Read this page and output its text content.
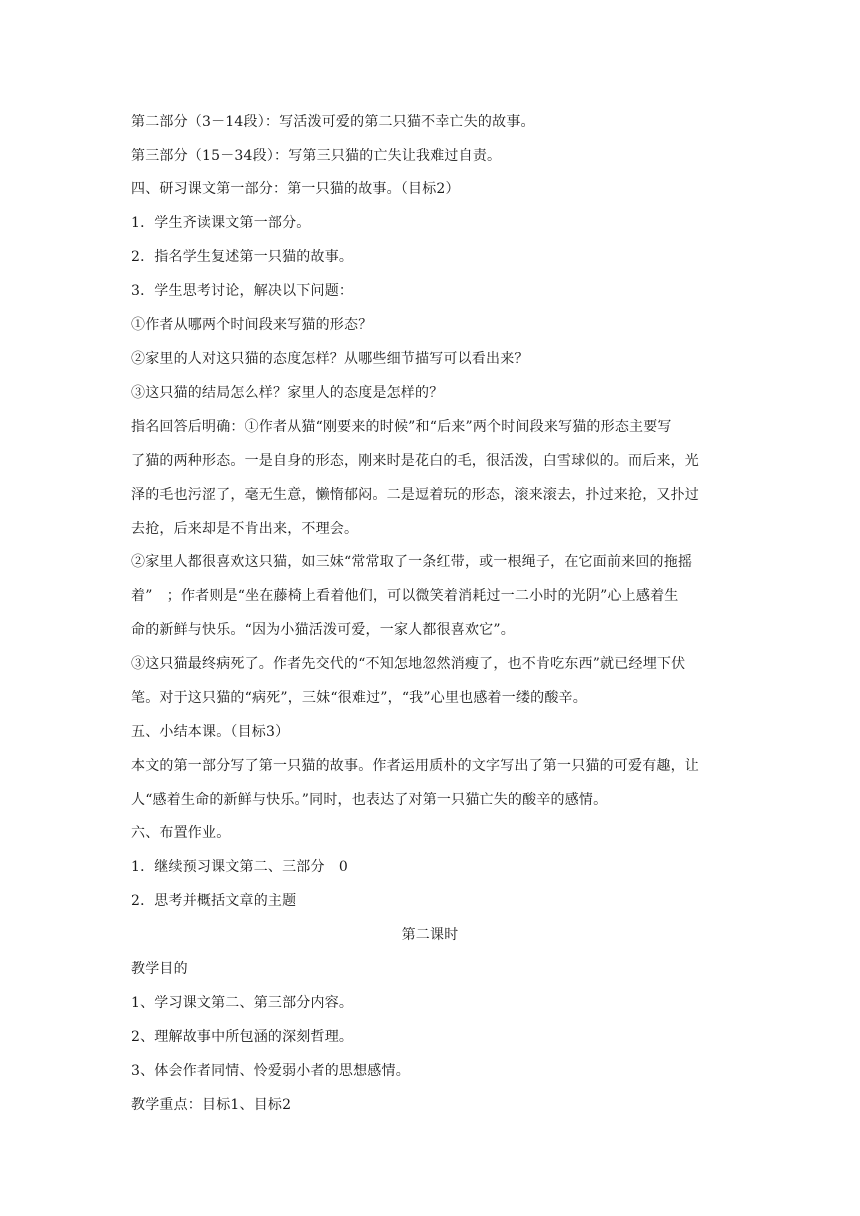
第二部分（3－14段）：写活泼可爱的第二只猫不幸亡失的故事。
第三部分（15－34段）：写第三只猫的亡失让我难过自责。
四、研习课文第一部分：第一只猫的故事。（目标2）
1．学生齐读课文第一部分。
2．指名学生复述第一只猫的故事。
3．学生思考讨论，解决以下问题：
①作者从哪两个时间段来写猫的形态？
②家里的人对这只猫的态度怎样？从哪些细节描写可以看出来？
③这只猫的结局怎么样？家里人的态度是怎样的？
指名回答后明确：①作者从猫“刚要来的时候”和“后来”两个时间段来写猫的形态主要写
了猫的两种形态。一是自身的形态，刚来时是花白的毛，很活泼，白雪球似的。而后来，光
泽的毛也污涩了，毫无生意，懒惰郁闷。二是逗着玩的形态，滚来滚去，扑过来抢，又扑过
去抢，后来却是不肯出来，不理会。
②家里人都很喜欢这只猫，如三妹“常常取了一条红带，或一根绳子，在它面前来回的拖摇
着”　；作者则是“坐在藤椅上看着他们，可以微笑着消耗过一二小时的光阴”心上感着生
命的新鲜与快乐。“因为小猫活泼可爱，一家人都很喜欢它”。
③这只猫最终病死了。作者先交代的“不知怎地忽然消瘦了，也不肯吃东西”就已经埋下伏
笔。对于这只猫的“病死”，三妹“很难过”，“我”心里也感着一缕的酸辛。
五、小结本课。（目标3）
本文的第一部分写了第一只猫的故事。作者运用质朴的文字写出了第一只猫的可爱有趣，让
人“感着生命的新鲜与快乐。”同时，也表达了对第一只猫亡失的酸辛的感情。
六、布置作业。
1．继续预习课文第二、三部分　0
2．思考并概括文章的主题
第二课时
教学目的
1、学习课文第二、第三部分内容。
2、理解故事中所包涵的深刻哲理。
3、体会作者同情、怜爱弱小者的思想感情。
教学重点：目标1、目标2
